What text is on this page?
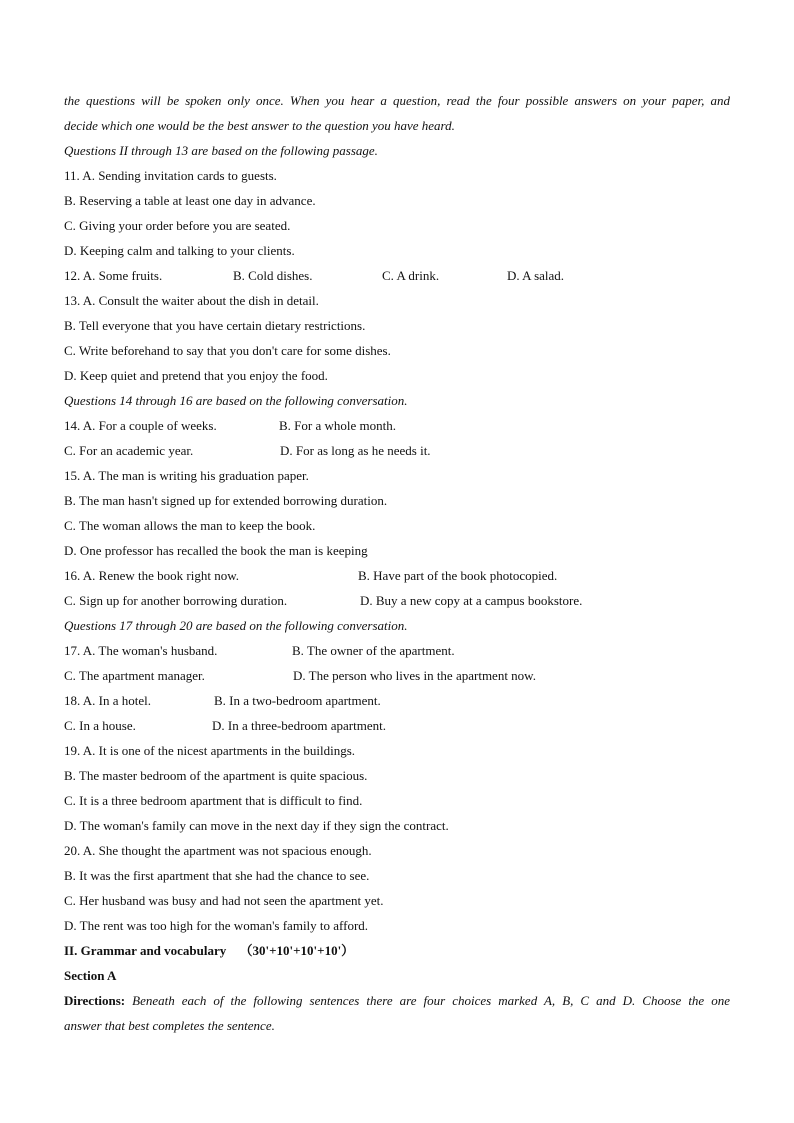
the questions will be spoken only once. When you hear a question, read the four possible answers on your paper, and
decide which one would be the best answer to the question you have heard.
Questions II through 13 are based on the following passage.
11. A. Sending invitation cards to guests.
B. Reserving a table at least one day in advance.
C. Giving your order before you are seated.
D. Keeping calm and talking to your clients.
12. A. Some fruits.	B. Cold dishes.	C. A drink.	D. A salad.
13. A. Consult the waiter about the dish in detail.
B. Tell everyone that you have certain dietary restrictions.
C. Write beforehand to say that you don't care for some dishes.
D. Keep quiet and pretend that you enjoy the food.
Questions 14 through 16 are based on the following conversation.
14. A. For a couple of weeks.	B. For a whole month.
C. For an academic year.	D. For as long as he needs it.
15. A. The man is writing his graduation paper.
B. The man hasn't signed up for extended borrowing duration.
C. The woman allows the man to keep the book.
D. One professor has recalled the book the man is keeping
16. A. Renew the book right now.	B. Have part of the book photocopied.
C. Sign up for another borrowing duration.	D. Buy a new copy at a campus bookstore.
Questions 17 through 20 are based on the following conversation.
17. A. The woman's husband.	B. The owner of the apartment.
C. The apartment manager.	D. The person who lives in the apartment now.
18. A. In a hotel.	B. In a two-bedroom apartment.
C. In a house.	D. In a three-bedroom apartment.
19. A. It is one of the nicest apartments in the buildings.
B. The master bedroom of the apartment is quite spacious.
C. It is a three bedroom apartment that is difficult to find.
D. The woman's family can move in the next day if they sign the contract.
20. A. She thought the apartment was not spacious enough.
B. It was the first apartment that she had the chance to see.
C. Her husband was busy and had not seen the apartment yet.
D. The rent was too high for the woman's family to afford.
II. Grammar and vocabulary （30'+10'+10'+10'）
Section A
Directions: Beneath each of the following sentences there are four choices marked A, B, C and D. Choose the one
answer that best completes the sentence.
